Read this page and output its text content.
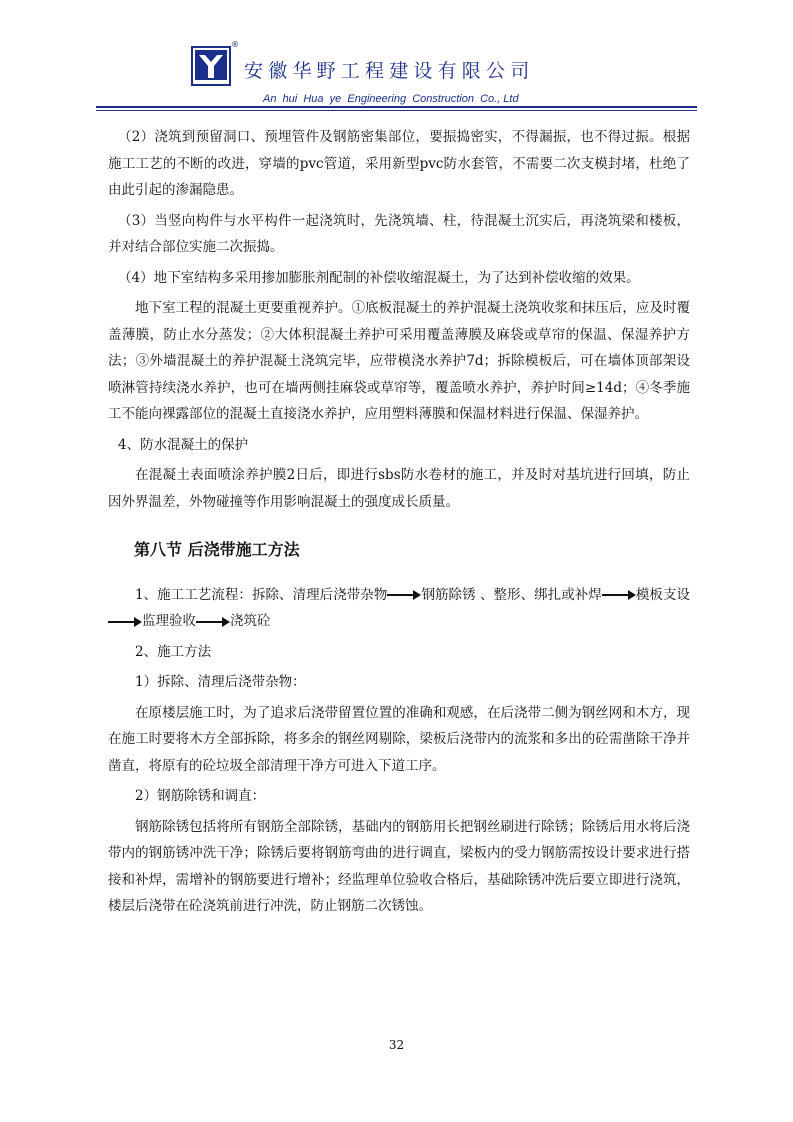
®
安徽华野工程建设有限公司
An  hui  Hua  ye  Engineering  Construction  Co., Ltd

（2）浇筑到预留洞口、预埋管件及钢筋密集部位，要振捣密实，不得漏振，也不得过振。根据施工工艺的不断的改进，穿墙的pvc管道，采用新型pvc防水套管，不需要二次支模封堵，杜绝了由此引起的渗漏隐患。

（3）当竖向构件与水平构件一起浇筑时，先浇筑墙、柱，待混凝土沉实后，再浇筑梁和楼板，并对结合部位实施二次振捣。

（4）地下室结构多采用掺加膨胀剂配制的补偿收缩混凝土，为了达到补偿收缩的效果。

地下室工程的混凝土更要重视养护。①底板混凝土的养护混凝土浇筑收浆和抹压后，应及时覆盖薄膜，防止水分蒸发；②大体积混凝土养护可采用覆盖薄膜及麻袋或草帘的保温、保湿养护方法；③外墙混凝土的养护混凝土浇筑完毕，应带模浇水养护7d；拆除模板后，可在墙体顶部架设喷淋管持续浇水养护，也可在墙两侧挂麻袋或草帘等，覆盖喷水养护，养护时间≥14d；④冬季施工不能向裸露部位的混凝土直接浇水养护，应用塑料薄膜和保温材料进行保温、保湿养护。

4、防水混凝土的保护

在混凝土表面喷涂养护膜2日后，即进行sbs防水卷材的施工，并及时对基坑进行回填，防止因外界温差，外物碰撞等作用影响混凝土的强度成长质量。

第八节 后浇带施工方法

1、施工工艺流程：拆除、清理后浇带杂物	钢筋除锈 、整形、绑扎或补焊	模板支设 监理验收	浇筑砼

2、施工方法

1）拆除、清理后浇带杂物：

在原楼层施工时，为了追求后浇带留置位置的准确和观感，在后浇带二侧为钢丝网和木方，现在施工时要将木方全部拆除，将多余的钢丝网剔除，梁板后浇带内的流浆和多出的砼需凿除干净并凿直，将原有的砼垃圾全部清理干净方可进入下道工序。

2）钢筋除锈和调直：

钢筋除锈包括将所有钢筋全部除锈，基础内的钢筋用长把钢丝刷进行除锈；除锈后用水将后浇带内的钢筋锈冲洗干净；除锈后要将钢筋弯曲的进行调直，梁板内的受力钢筋需按设计要求进行搭接和补焊，需增补的钢筋要进行增补；经监理单位验收合格后，基础除锈冲洗后要立即进行浇筑，楼层后浇带在砼浇筑前进行冲洗，防止钢筋二次锈蚀。

32
